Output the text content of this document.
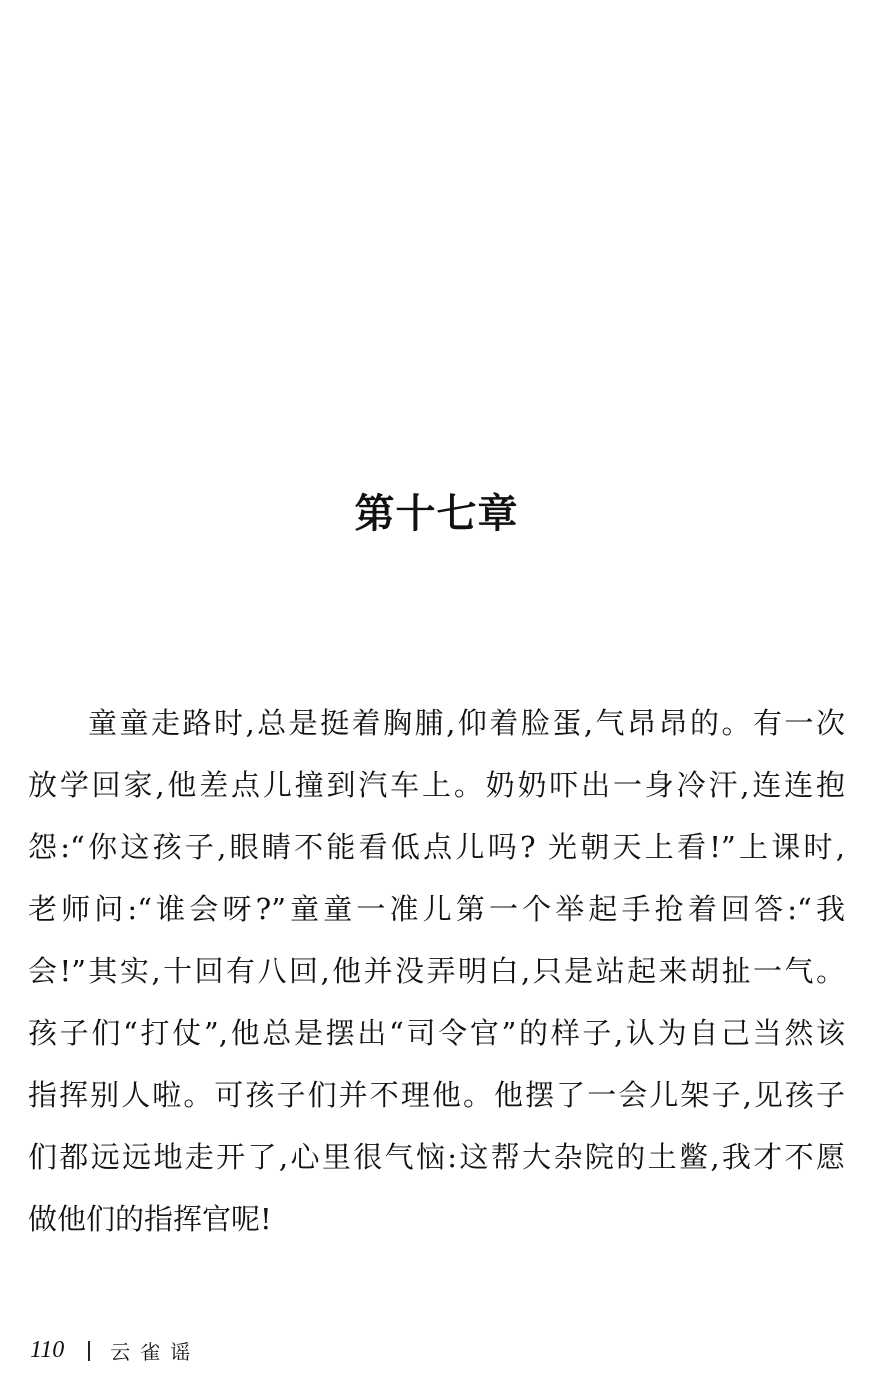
第十七章
童童走路时,总是挺着胸脯,仰着脸蛋,气昂昂的。有一次
放学回家,他差点儿撞到汽车上。奶奶吓出一身冷汗,连连抱
怨:“你这孩子,眼睛不能看低点儿吗? 光朝天上看!”上课时,
老师问:“谁会呀?”童童一准儿第一个举起手抢着回答:“我
会!”其实,十回有八回,他并没弄明白,只是站起来胡扯一气。
孩子们“打仗”,他总是摆出“司令官”的样子,认为自己当然该
指挥别人啦。可孩子们并不理他。他摆了一会儿架子,见孩子
们都远远地走开了,心里很气恼:这帮大杂院的土鳖,我才不愿
做他们的指挥官呢!
110 云雀谣
